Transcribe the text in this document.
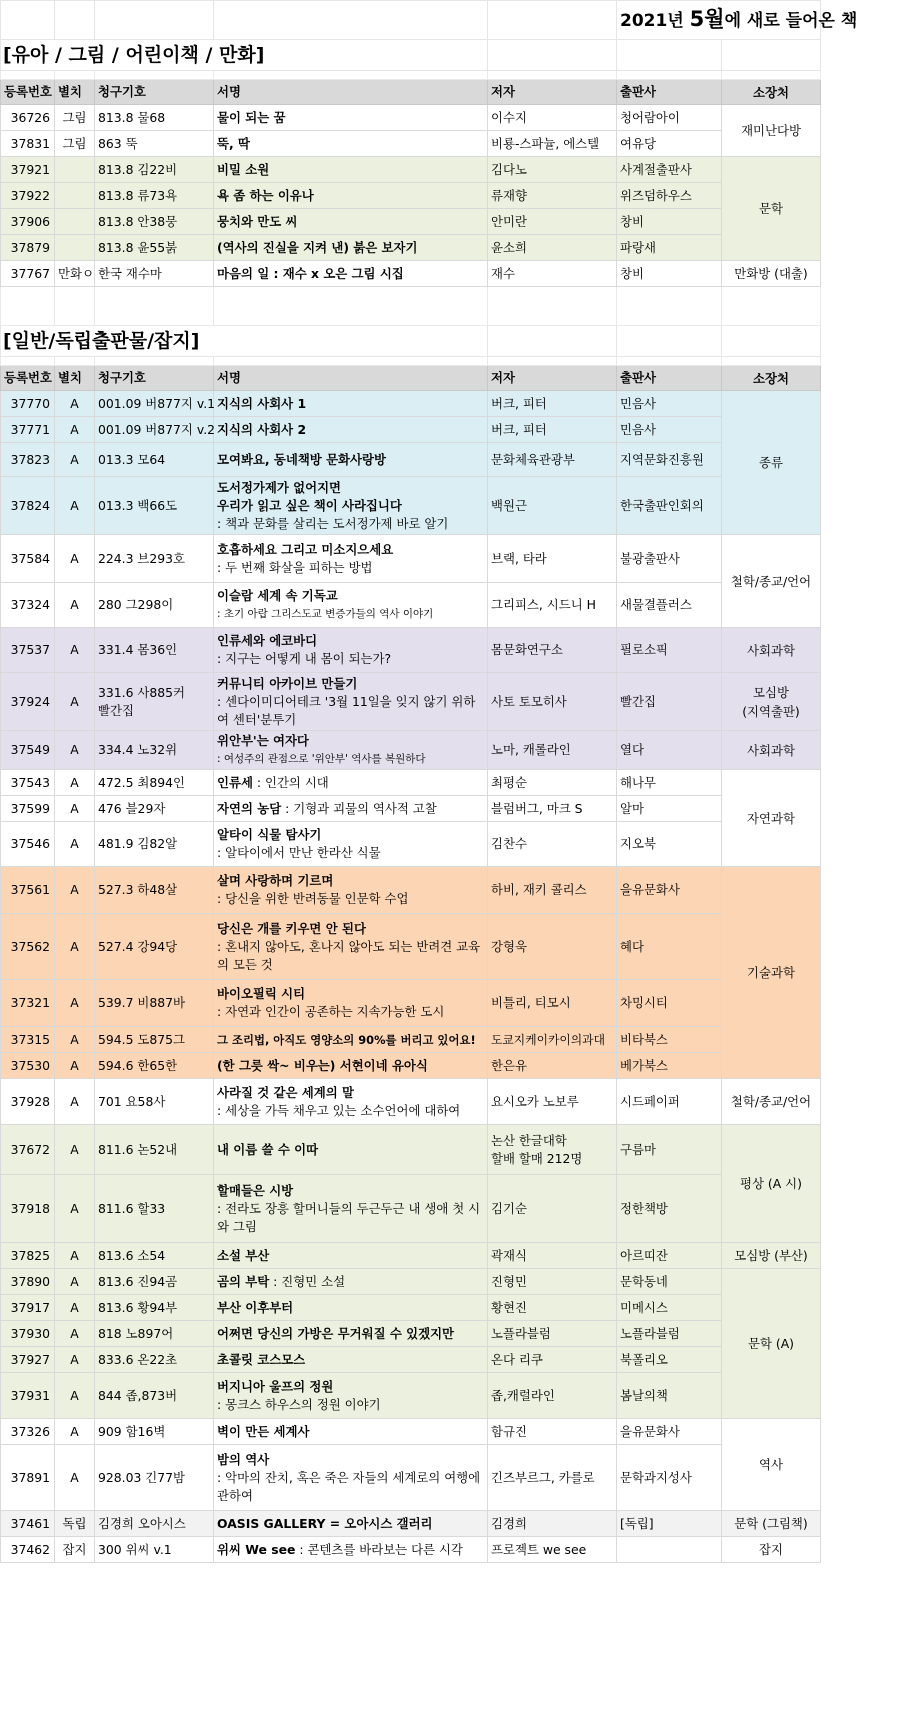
					2021년 5월에 새로 들어온 책	
[유아 / 그림 / 어린이책 / 만화]						

등록번호	별치	청구기호	서명	저자	출판사	소장처
36726	그림	813.8 물68	물이 되는 꿈	이수지	청어람아이	재미난다방
37831	그림	863 뚝	뚝, 딱	비룡-스파뉼, 에스텔	여유당	
37921		813.8 김22비	비밀 소원	김다노	사계절출판사	문학
37922		813.8 류73욕	욕 좀 하는 이유나	류재향	위즈덤하우스	
37906		813.8 안38뭉	뭉치와 만도 씨	안미란	창비	
37879		813.8 윤55붉	(역사의 진실을 지켜 낸) 붉은 보자기	윤소희	파랑새	
37767	만화ㅇ	한국 재수마	마음의 일 : 재수 x 오은 그림 시집	재수	창비	만화방 (대출)

[일반/독립출판물/잡지]						

등록번호	별치	청구기호	서명	저자	출판사	소장처
37770	A	001.09 버877지 v.1	지식의 사회사 1	버크, 피터	민음사	종류
37771	A	001.09 버877지 v.2	지식의 사회사 2	버크, 피터	민음사	
37823	A	013.3 모64	모여봐요, 동네책방 문화사랑방	문화체육관광부	지역문화진흥원	
37824	A	013.3 백66도	도서정가제가 없어지면
우리가 읽고 싶은 책이 사라집니다
: 책과 문화를 살리는 도서정가제 바로 알기	백원근	한국출판인회의	
37584	A	224.3 브293호	호흡하세요 그리고 미소지으세요
: 두 번째 화살을 피하는 방법	브랙, 타라	불광출판사	철학/종교/언어
37324	A	280 그298이	이슬람 세계 속 기독교
: 초기 아랍 그리스도교 변증가들의 역사 이야기	그리피스, 시드니 H	새물결플러스	
37537	A	331.4 몸36인	인류세와 에코바디
: 지구는 어떻게 내 몸이 되는가?	몸문화연구소	필로소픽	사회과학
37924	A	331.6 사885커
빨간집	커뮤니티 아카이브 만들기
: 센다이미디어테크 '3월 11일을 잊지 않기 위하여 센터'분투기	사토 토모히사	빨간집	모심방
(지역출판)

37549	A	334.4 노32위	위안부'는 여자다
: 여성주의 관점으로 '위안부' 역사를 복원하다	노마, 캐롤라인	열다	사회과학
37543	A	472.5 최894인	인류세 : 인간의 시대	최평순	해나무	자연과학
37599	A	476 블29자	자연의 농담 : 기형과 괴물의 역사적 고찰	블럼버그, 마크 S	알마	
37546	A	481.9 김82알	알타이 식물 탐사기
: 알타이에서 만난 한라산 식물	김찬수	지오북	
37561	A	527.3 하48살	살며 사랑하며 기르며
: 당신을 위한 반려동물 인문학 수업	하비, 재키 콜리스	을유문화사	기술과학
37562	A	527.4 강94당	당신은 개를 키우면 안 된다
: 혼내지 않아도, 혼나지 않아도 되는 반려견 교육의 모든 것	강형욱	혜다	
37321	A	539.7 비887바	바이오필릭 시티
: 자연과 인간이 공존하는 지속가능한 도시	비틀리, 티모시	차밍시티	
37315	A	594.5 도875그	그 조리법, 아직도 영양소의 90%를 버리고 있어요!	도쿄지케이카이의과대	비타북스	
37530	A	594.6 한65한	(한 그릇 싹~ 비우는) 서현이네 유아식	한은유	베가북스	
37928	A	701 요58사	사라질 것 같은 세계의 말
: 세상을 가득 채우고 있는 소수언어에 대하여	요시오카 노보루	시드페이퍼	철학/종교/언어
37672	A	811.6 논52내	내 이름 쓸 수 이따	논산 한글대학
할배 할매 212명	구름마	평상 (A 시)
37918	A	811.6 할33	할매들은 시방
: 전라도 장흥 할머니들의 두근두근 내 생애 첫 시와 그림	김기순	정한책방	
37825	A	813.6 소54	소설 부산	곽재식	아르띠잔	모심방 (부산)
37890	A	813.6 진94곰	곰의 부탁 : 진형민 소설	진형민	문학동네	문학 (A)
37917	A	813.6 황94부	부산 이후부터	황현진	미메시스	
37930	A	818 노897어	어쩌면 당신의 가방은 무거워질 수 있겠지만	노플라블럼	노플라블럼	
37927	A	833.6 온22초	초콜릿 코스모스	온다 리쿠	북폴리오	
37931	A	844 좁,873버	버지니아 울프의 정원
: 몽크스 하우스의 정원 이야기	좁,캐럴라인	봄날의책	
37326	A	909 함16벽	벽이 만든 세계사	함규진	을유문화사	역사
37891	A	928.03 긴77밤	밤의 역사
: 악마의 잔치, 혹은 죽은 자들의 세계로의 여행에 관하여	긴즈부르그, 카를로	문학과지성사	
37461	독립	김경희 오아시스	OASIS GALLERY = 오아시스 갤러리	김경희	[독립]	문학 (그림책)
37462	잡지	300 위씨 v.1	위씨 We see : 콘텐츠를 바라보는 다른 시각	프로젝트 we see		잡지
